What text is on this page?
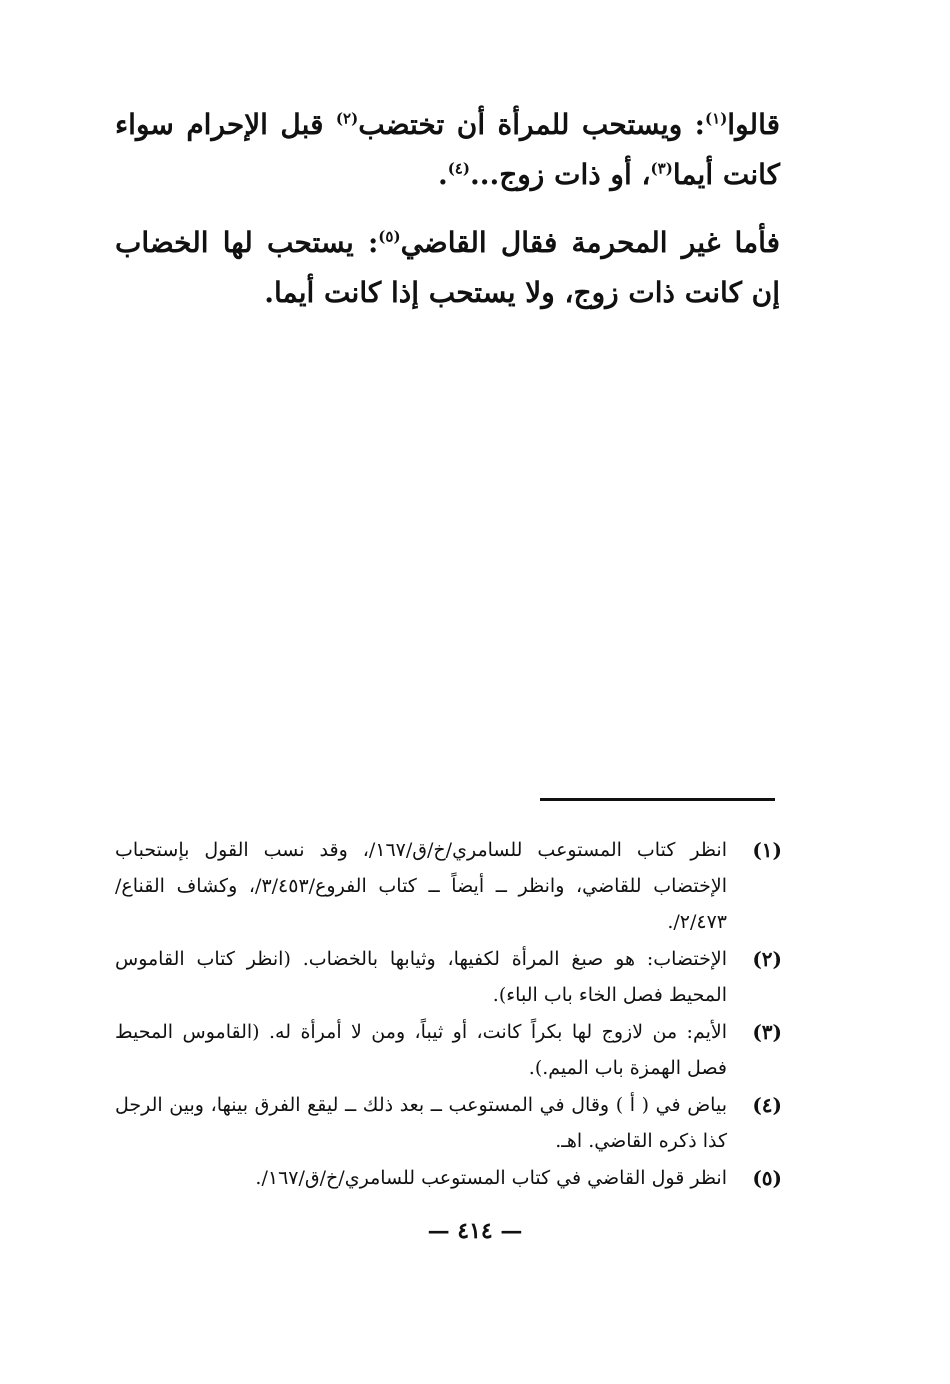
قالوا$^{(١)}$: ويستحب للمرأة أن تختضب$^{(٢)}$ قبل الإحرام سواء كانت أيما$^{(٣)}$، أو ذات زوج...$^{(٤)}$.

فأما غير المحرمة فقال القاضي$^{(٥)}$: يستحب لها الخضاب إن كانت ذات زوج، ولا يستحب إذا كانت أيما.

(١)
انظر كتاب المستوعب للسامري/خ/ق/١٦٧/، وقد نسب القول بإستحباب الإختضاب للقاضي، وانظر ــ أيضاً ــ كتاب الفروع/٣/٤٥٣/، وكشاف القناع/٢/٤٧٣/.
(٢)
الإختضاب: هو صبغ المرأة لكفيها، وثيابها بالخضاب. (انظر كتاب القاموس المحيط فصل الخاء باب الباء).
(٣)
الأيم: من لازوج لها بكراً كانت، أو ثيباً، ومن لا أمرأة له. (القاموس المحيط فصل الهمزة باب الميم.).
(٤)
بياض في ( أ ) وقال في المستوعب ــ بعد ذلك ــ ليقع الفرق بينها، وبين الرجل كذا ذكره القاضي. اهـ.
(٥)
انظر قول القاضي في كتاب المستوعب للسامري/خ/ق/١٦٧/.
— ٤١٤ —
